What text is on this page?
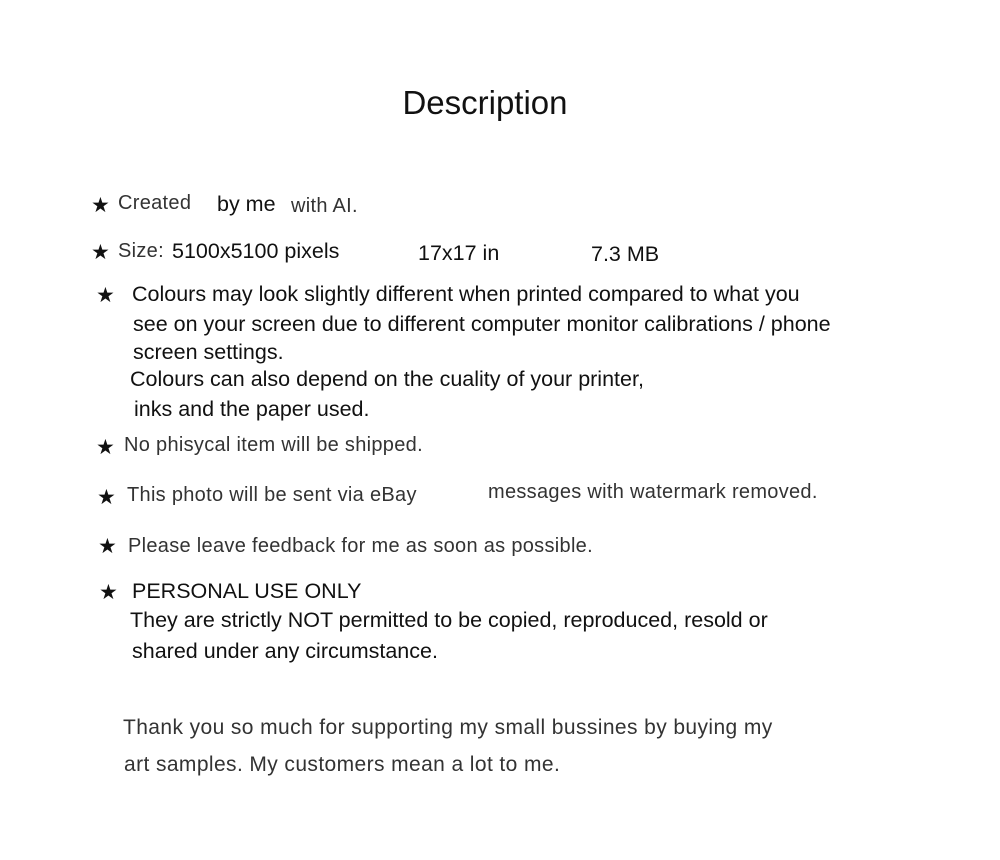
Description
★ Created by me with AI.
★ Size: 5100x5100 pixels	17x17 in	7.3 MB
★ Colours may look slightly different when printed compared to what you
see on your screen due to different computer monitor calibrations / phone
screen settings.
Colours can also depend on the cuality of your printer,
inks and the paper used.
★ No phisycal item will be shipped.
★ This photo will be sent via eBay	messages with watermark removed.
★ Please leave feedback for me as soon as possible.
★ PERSONAL USE ONLY
They are strictly NOT permitted to be copied, reproduced, resold or
shared under any circumstance.
Thank you so much for supporting my small bussines by buying my
art samples. My customers mean a lot to me.
